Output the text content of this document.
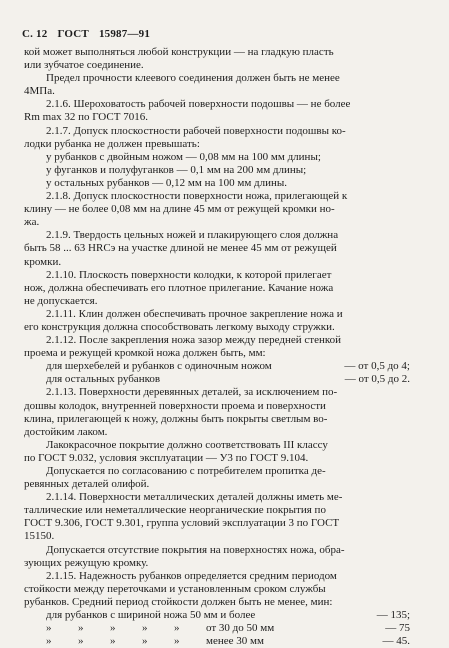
С. 12 ГОСТ 15987—91
кой может выполняться любой конструкции — на гладкую пласть
или зубчатое соединение.
Предел прочности клеевого соединения должен быть не менее
4МПа.
2.1.6. Шероховатость рабочей поверхности подошвы — не более
Rm max 32 по ГОСТ 7016.
2.1.7. Допуск плоскостности рабочей поверхности подошвы ко-
лодки рубанка не должен превышать:
у рубанков с двойным ножом — 0,08 мм на 100 мм длины;
у фуганков и полуфуганков — 0,1 мм на 200 мм длины;
у остальных рубанков — 0,12 мм на 100 мм длины.
2.1.8. Допуск плоскостности поверхности ножа, прилегающей к
клину — не более 0,08 мм на длине 45 мм от режущей кромки но-
жа.
2.1.9. Твердость цельных ножей и плакирующего слоя должна
быть 58 ... 63 HRCэ на участке длиной не менее 45 мм от режущей
кромки.
2.1.10. Плоскость поверхности колодки, к которой прилегает
нож, должна обеспечивать его плотное прилегание. Качание ножа
не допускается.
2.1.11. Клин должен обеспечивать прочное закрепление ножа и
его конструкция должна способствовать легкому выходу стружки.
2.1.12. После закрепления ножа зазор между передней стенкой
проема и режущей кромкой ножа должен быть, мм:
для шерхебелей и рубанков с одиночным ножом	— от 0,5 до 4;
для остальных рубанков	— от 0,5 до 2.
2.1.13. Поверхности деревянных деталей, за исключением по-
дошвы колодок, внутренней поверхности проема и поверхности
клина, прилегающей к ножу, должны быть покрыты светлым во-
достойким лаком.
Лакокрасочное покрытие должно соответствовать III классу
по ГОСТ 9.032, условия эксплуатации — У3 по ГОСТ 9.104.
Допускается по согласованию с потребителем пропитка де-
ревянных деталей олифой.
2.1.14. Поверхности металлических деталей должны иметь ме-
таллические или неметаллические неорганические покрытия по
ГОСТ 9.306, ГОСТ 9.301, группа условий эксплуатации 3 по ГОСТ
15150.
Допускается отсутствие покрытия на поверхностях ножа, обра-
зующих режущую кромку.
2.1.15. Надежность рубанков определяется средним периодом
стойкости между переточками и установленным сроком службы
рубанков. Средний период стойкости должен быть не менее, мин:
для рубанков с шириной ножа 50 мм и более	— 135;
»	»	»	»	»	от 30 до 50 мм	— 75
»	»	»	»	»	менее 30 мм	— 45.
